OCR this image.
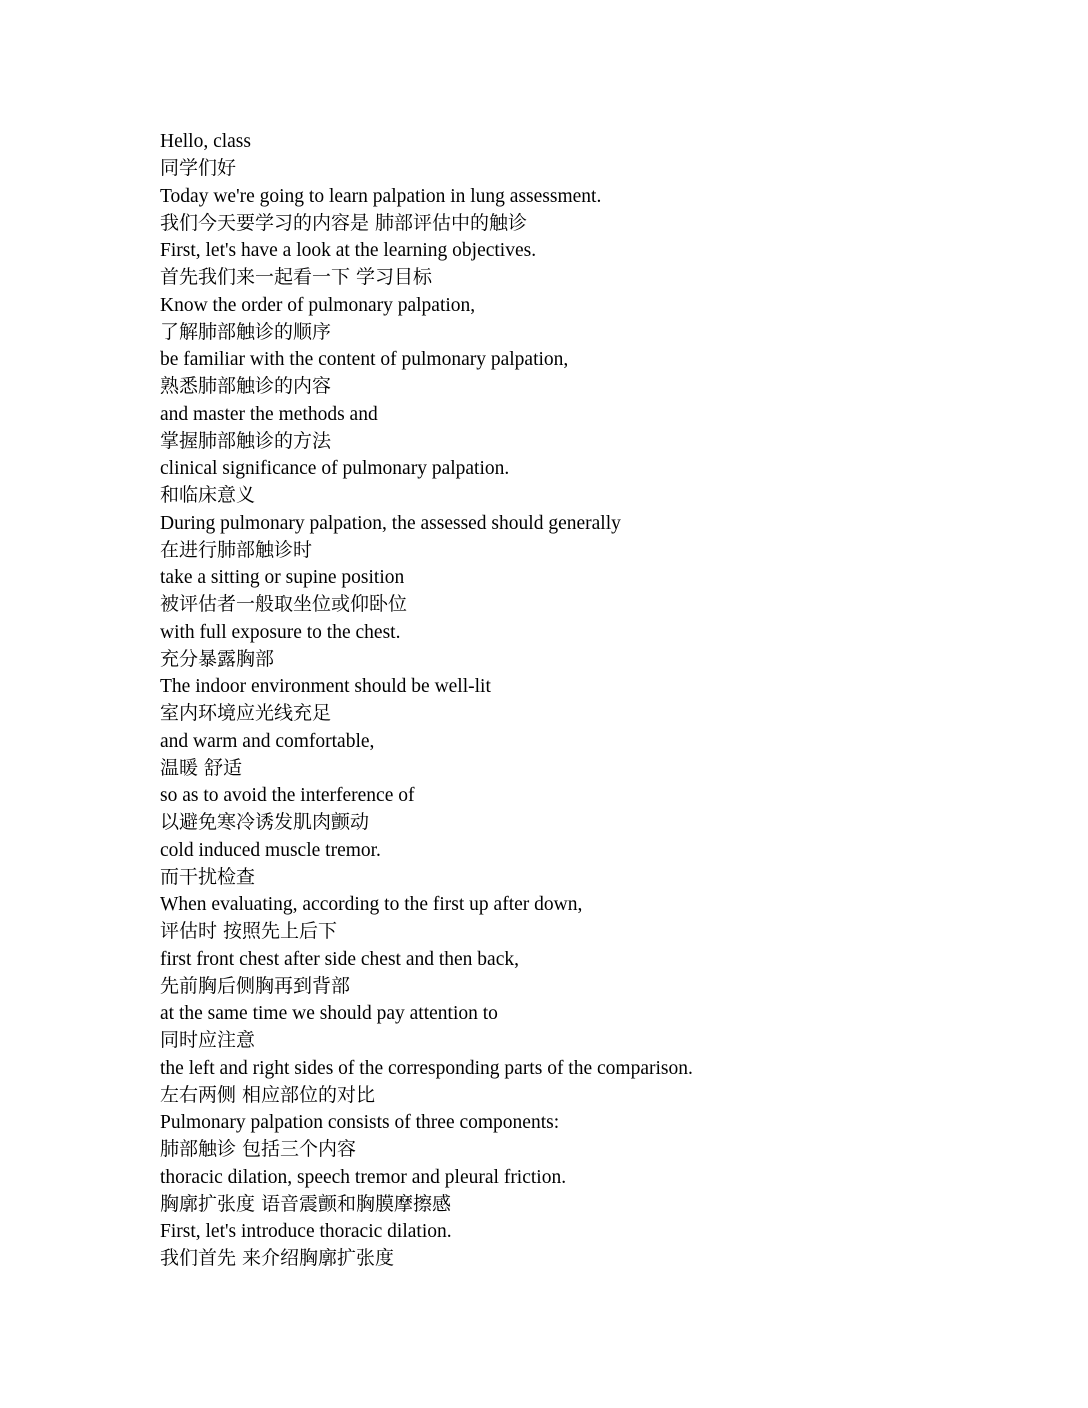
Hello, class
同学们好
Today we're going to learn palpation in lung assessment.
我们今天要学习的内容是 肺部评估中的触诊
First, let's have a look at the learning objectives.
首先我们来一起看一下 学习目标
Know the order of pulmonary palpation,
了解肺部触诊的顺序
be familiar with the content of pulmonary palpation,
熟悉肺部触诊的内容
and master the methods and
掌握肺部触诊的方法
clinical significance of pulmonary palpation.
和临床意义
During pulmonary palpation, the assessed should generally
在进行肺部触诊时
take a sitting or supine position
被评估者一般取坐位或仰卧位
with full exposure to the chest.
充分暴露胸部
The indoor environment should be well-lit
室内环境应光线充足
and warm and comfortable,
温暖 舒适
so as to avoid the interference of
以避免寒冷诱发肌肉颤动
cold induced muscle tremor.
而干扰检查
When evaluating, according to the first up after down,
评估时 按照先上后下
first front chest after side chest and then back,
先前胸后侧胸再到背部
at the same time we should pay attention to
同时应注意
the left and right sides of the corresponding parts of the comparison.
左右两侧 相应部位的对比
Pulmonary palpation consists of three components:
肺部触诊 包括三个内容
thoracic dilation, speech tremor and pleural friction.
胸廓扩张度 语音震颤和胸膜摩擦感
First, let's introduce thoracic dilation.
我们首先 来介绍胸廓扩张度
